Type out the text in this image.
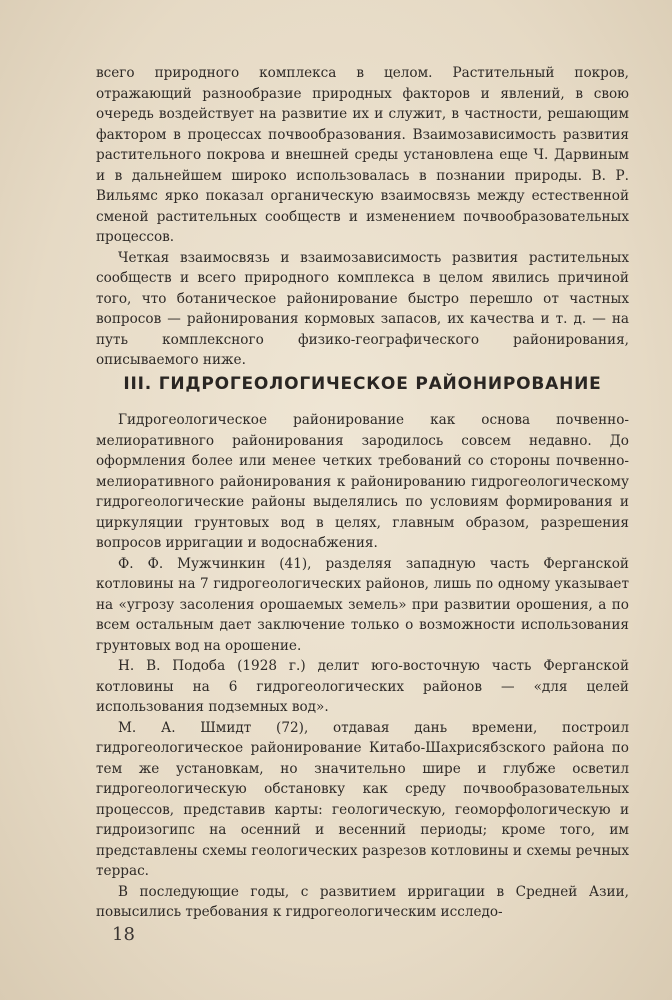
всего природного комплекса в целом. Растительный покров, отражающий разнообразие природных факторов и явлений, в свою очередь воздействует на развитие их и служит, в частности, решающим фактором в процессах почвообразования. Взаимозависимость развития растительного покрова и внешней среды установлена еще Ч. Дарвиным и в дальнейшем широко использовалась в познании природы. В. Р. Вильямс ярко показал органическую взаимосвязь между естественной сменой растительных сообществ и изменением почвообразовательных процессов.

Четкая взаимосвязь и взаимозависимость развития растительных сообществ и всего природного комплекса в целом явились причиной того, что ботаническое районирование быстро перешло от частных вопросов — районирования кормовых запасов, их качества и т. д. — на путь комплексного физико-географического районирования, описываемого ниже.

III. ГИДРОГЕОЛОГИЧЕСКОЕ РАЙОНИРОВАНИЕ

Гидрогеологическое районирование как основа почвенно-мелиоративного районирования зародилось совсем недавно. До оформления более или менее четких требований со стороны почвенно-мелиоративного районирования к районированию гидрогеологическому гидрогеологические районы выделялись по условиям формирования и циркуляции грунтовых вод в целях, главным образом, разрешения вопросов ирригации и водоснабжения.

Ф. Ф. Мужчинкин (41), разделяя западную часть Ферганской котловины на 7 гидрогеологических районов, лишь по одному указывает на «угрозу засоления орошаемых земель» при развитии орошения, а по всем остальным дает заключение только о возможности использования грунтовых вод на орошение.

Н. В. Подоба (1928 г.) делит юго-восточную часть Ферганской котловины на 6 гидрогеологических районов — «для целей использования подземных вод».

М. А. Шмидт (72), отдавая дань времени, построил гидрогеологическое районирование Китабо-Шахрисябзского района по тем же установкам, но значительно шире и глубже осветил гидрогеологическую обстановку как среду почвообразовательных процессов, представив карты: геологическую, геоморфологическую и гидроизогипс на осенний и весенний периоды; кроме того, им представлены схемы геологических разрезов котловины и схемы речных террас.

В последующие годы, с развитием ирригации в Средней Азии, повысились требования к гидрогеологическим исследо-

18
